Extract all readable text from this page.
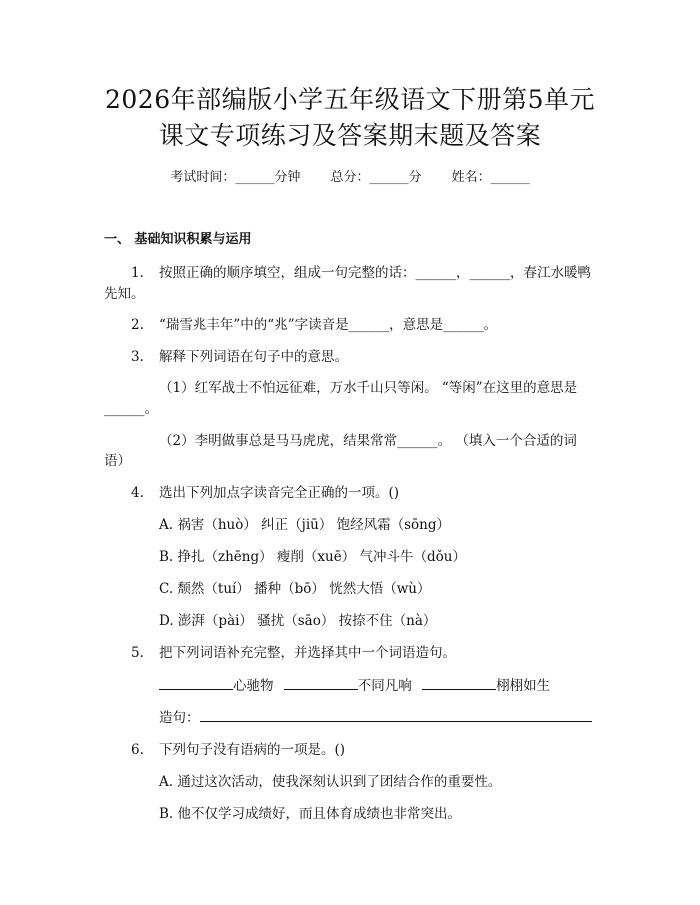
2026年部编版小学五年级语文下册第5单元
课文专项练习及答案期末题及答案
考试时间：______分钟 总分：______分 姓名：______
一、 基础知识积累与运用
1. 按照正确的顺序填空，组成一句完整的话：______，______，春江水暖鸭
先知。
2. “瑞雪兆丰年”中的“兆”字读音是______，意思是______。
3. 解释下列词语在句子中的意思。
（1）红军战士不怕远征难，万水千山只等闲。 “等闲”在这里的意思是
______。
（2）李明做事总是马马虎虎，结果常常______。 （填入一个合适的词
语）
4. 选出下列加点字读音完全正确的一项。()
A. 祸害（huò） 纠正（jiū） 饱经风霜（sōng）
B. 挣扎（zhēng） 瘦削（xuē） 气冲斗牛（dǒu）
C. 颓然（tuí） 播种（bō） 恍然大悟（wù）
D. 澎湃（pài） 骚扰（sāo） 按捺不住（nà）
5. 把下列词语补充完整，并选择其中一个词语造句。
心驰物	不同凡响	栩栩如生
造句：
6. 下列句子没有语病的一项是。()
A. 通过这次活动，使我深刻认识到了团结合作的重要性。
B. 他不仅学习成绩好，而且体育成绩也非常突出。
